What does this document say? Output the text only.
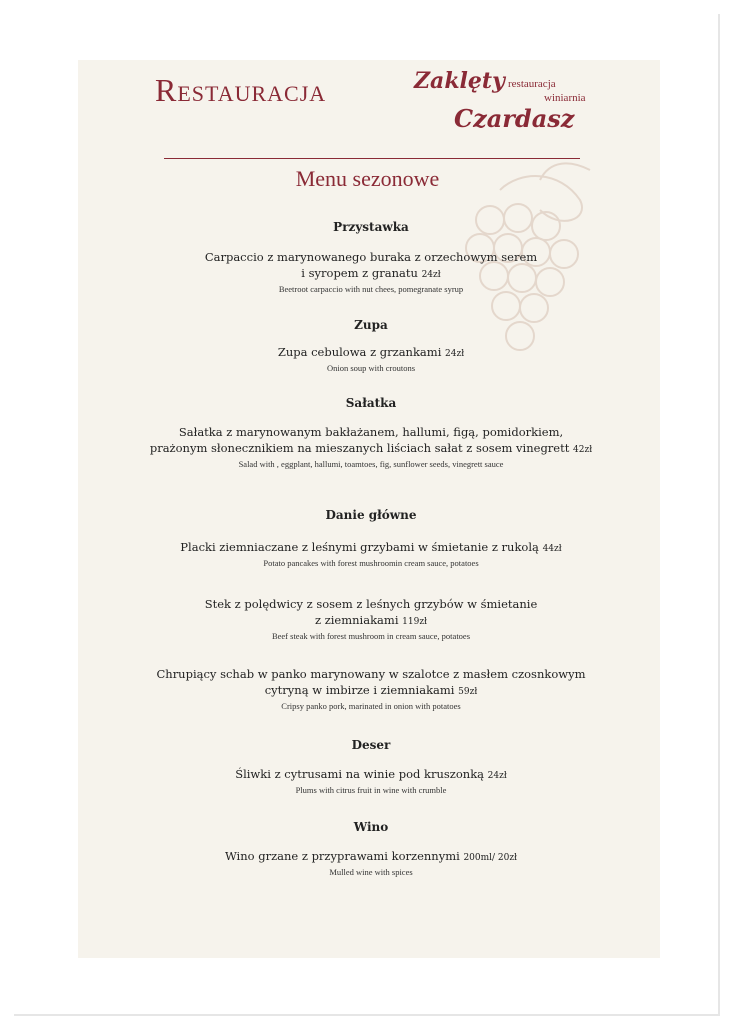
Restauracja	Zaklęty restauracja
winiarnia
Czardasz
Menu sezonowe
Przystawka
Carpaccio z marynowanego buraka z orzechowym serem
i syropem z granatu 24zł
Beetroot carpaccio with nut chees, pomegranate syrup
Zupa
Zupa cebulowa z grzankami 24zł
Onion soup with croutons
Sałatka
Sałatka z marynowanym bakłażanem, hallumi, figą, pomidorkiem,
prażonym słonecznikiem na mieszanych liściach sałat z sosem vinegrett 42zł
Salad with , eggplant, hallumi, toamtoes, fig, sunflower seeds, vinegrett sauce
Danie główne
Placki ziemniaczane z leśnymi grzybami w śmietanie z rukolą 44zł
Potato pancakes with forest mushroomin cream sauce, potatoes
Stek z polędwicy z sosem z leśnych grzybów w śmietanie
z ziemniakami 119zł
Beef steak with forest mushroom in cream sauce, potatoes
Chrupiący schab w panko marynowany w szalotce z masłem czosnkowym
cytryną w imbirze i ziemniakami 59zł
Cripsy panko pork, marinated in onion with potatoes
Deser
Śliwki z cytrusami na winie pod kruszonką 24zł
Plums with citrus fruit in wine with crumble
Wino
Wino grzane z przyprawami korzennymi 200ml/ 20zł
Mulled wine with spices
